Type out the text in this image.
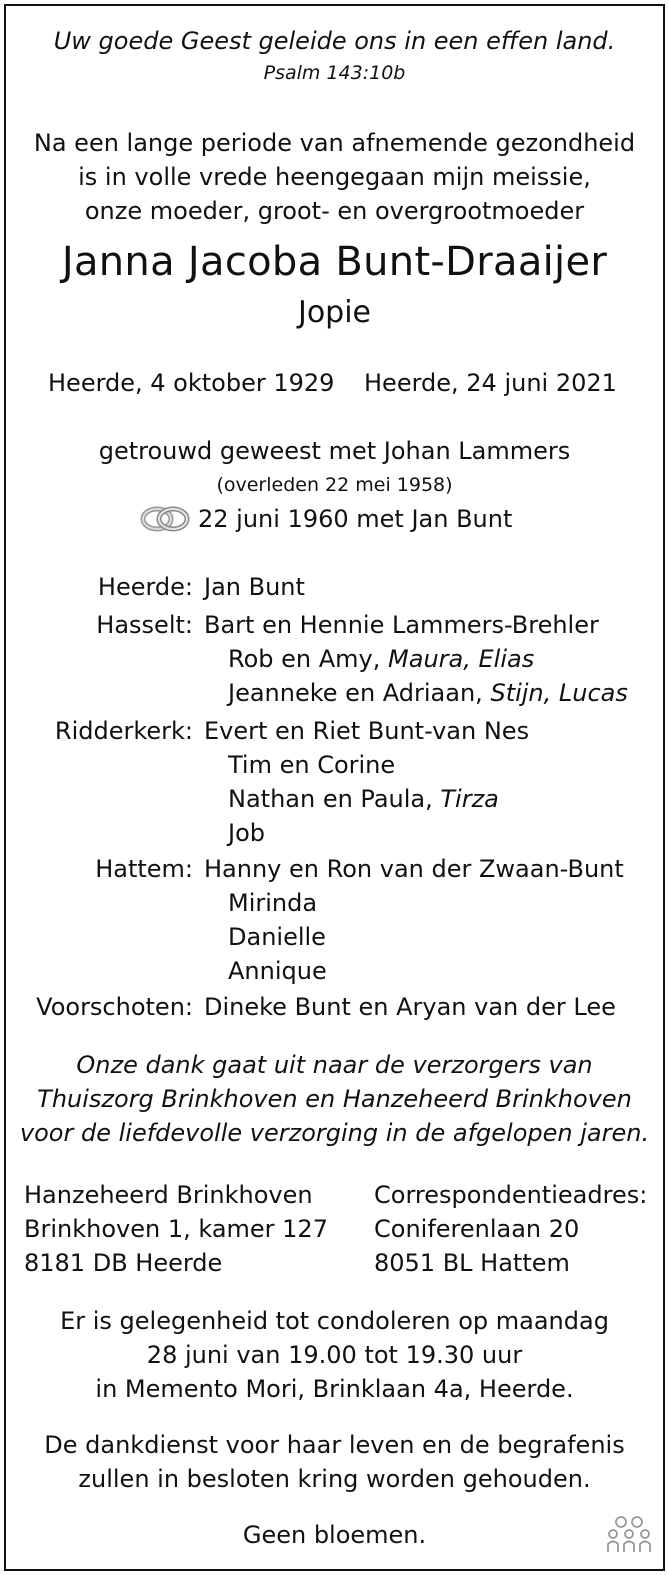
Uw goede Geest geleide ons in een effen land.
Psalm 143:10b
Na een lange periode van afnemende gezondheid
is in volle vrede heengegaan mijn meissie,
onze moeder, groot- en overgrootmoeder
Janna Jacoba Bunt-Draaijer
Jopie
Heerde, 4 oktober 1929 Heerde, 24 juni 2021
getrouwd geweest met Johan Lammers
(overleden 22 mei 1958)
22 juni 1960 met Jan Bunt
Heerde: Jan Bunt
Hasselt: Bart en Hennie Lammers-Brehler
Rob en Amy, Maura, Elias
Jeanneke en Adriaan, Stijn, Lucas
Ridderkerk: Evert en Riet Bunt-van Nes
Tim en Corine
Nathan en Paula, Tirza
Job
Hattem: Hanny en Ron van der Zwaan-Bunt
Mirinda
Danielle
Annique
Voorschoten: Dineke Bunt en Aryan van der Lee
Onze dank gaat uit naar de verzorgers van
Thuiszorg Brinkhoven en Hanzeheerd Brinkhoven
voor de liefdevolle verzorging in de afgelopen jaren.
Hanzeheerd Brinkhoven
Brinkhoven 1, kamer 127
8181 DB Heerde
Correspondentieadres:
Coniferenlaan 20
8051 BL Hattem
Er is gelegenheid tot condoleren op maandag
28 juni van 19.00 tot 19.30 uur
in Memento Mori, Brinklaan 4a, Heerde.
De dankdienst voor haar leven en de begrafenis
zullen in besloten kring worden gehouden.
Geen bloemen.
